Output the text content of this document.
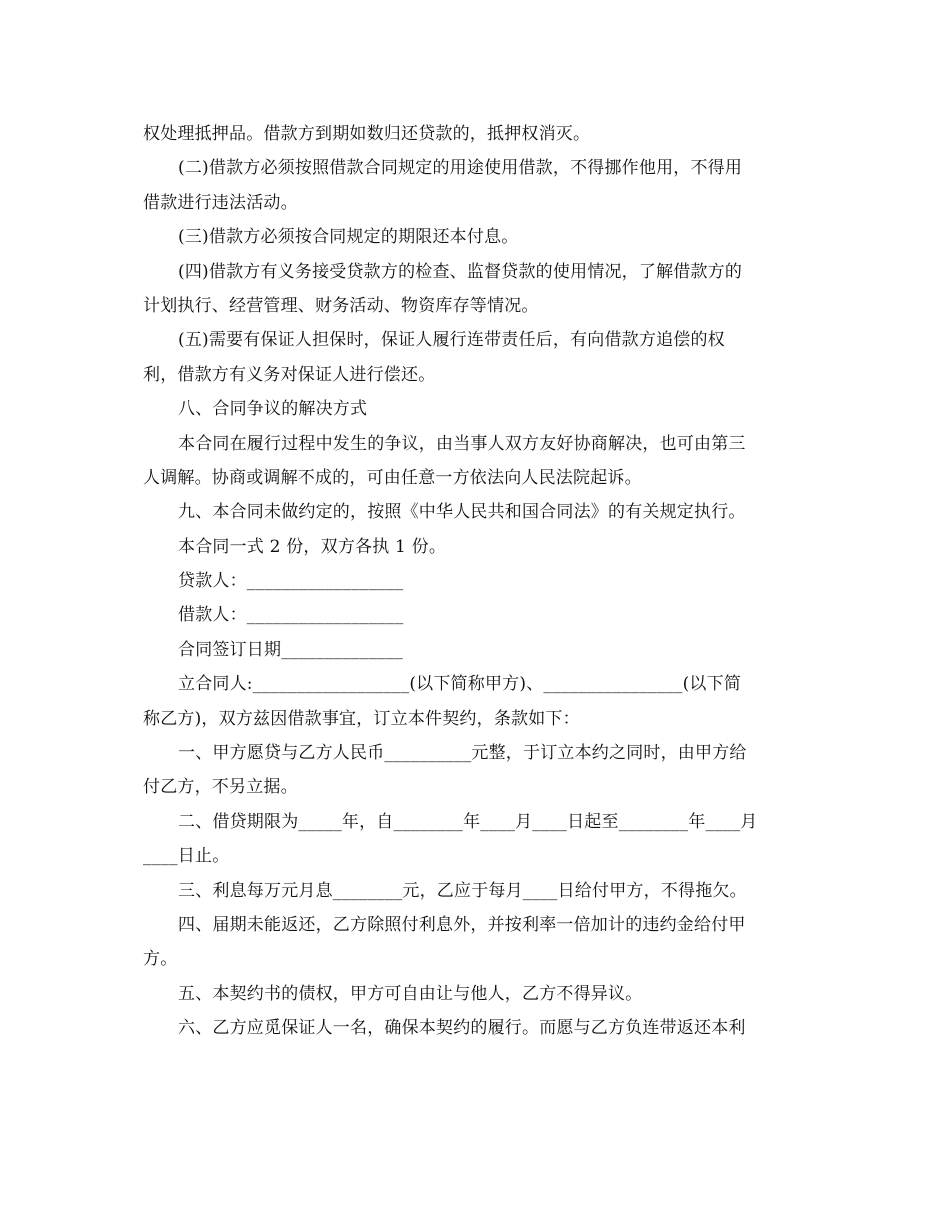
权处理抵押品。借款方到期如数归还贷款的，抵押权消灭。
(二)借款方必须按照借款合同规定的用途使用借款，不得挪作他用，不得用
借款进行违法活动。
(三)借款方必须按合同规定的期限还本付息。
(四)借款方有义务接受贷款方的检查、监督贷款的使用情况，了解借款方的
计划执行、经营管理、财务活动、物资库存等情况。
(五)需要有保证人担保时，保证人履行连带责任后，有向借款方追偿的权
利，借款方有义务对保证人进行偿还。
八、合同争议的解决方式
本合同在履行过程中发生的争议，由当事人双方友好协商解决，也可由第三
人调解。协商或调解不成的，可由任意一方依法向人民法院起诉。
九、本合同未做约定的，按照《中华人民共和国合同法》的有关规定执行。
本合同一式 2 份，双方各执 1 份。
贷款人：__________________
借款人：__________________
合同签订日期______________
立合同人:__________________(以下简称甲方)、________________(以下简
称乙方)，双方兹因借款事宜，订立本件契约，条款如下：
一、甲方愿贷与乙方人民币__________元整，于订立本约之同时，由甲方给
付乙方，不另立据。
二、借贷期限为_____年，自________年____月____日起至________年____月
____日止。
三、利息每万元月息________元，乙应于每月____日给付甲方，不得拖欠。
四、届期未能返还，乙方除照付利息外，并按利率一倍加计的违约金给付甲
方。
五、本契约书的债权，甲方可自由让与他人，乙方不得异议。
六、乙方应觅保证人一名，确保本契约的履行。而愿与乙方负连带返还本利
